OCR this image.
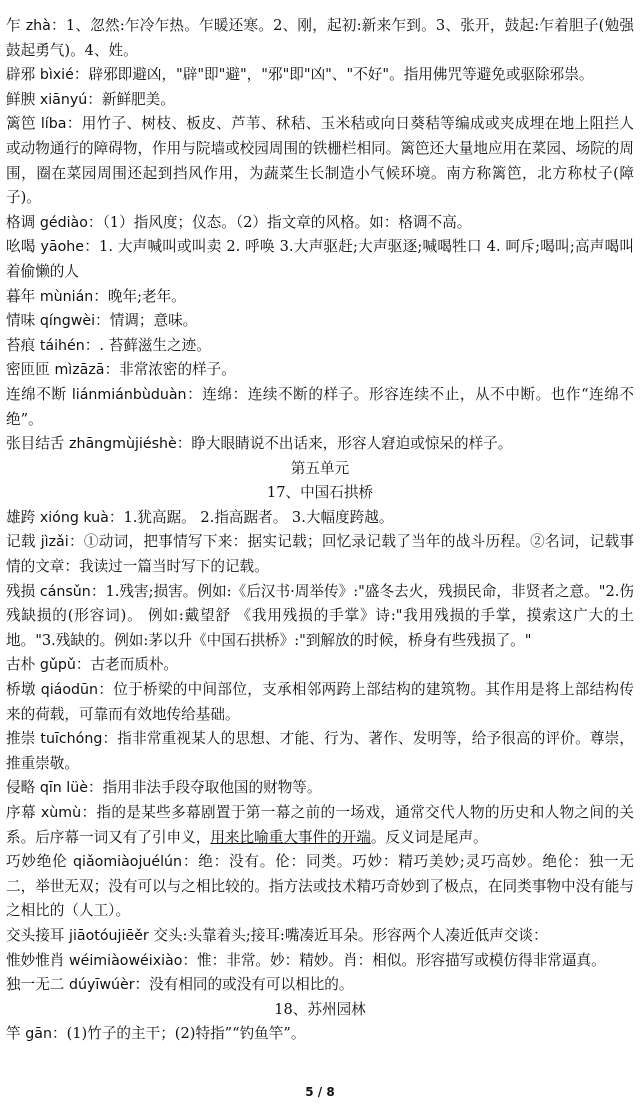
乍 zhà：1、忽然:乍冷乍热。乍暖还寒。2、刚，起初:新来乍到。3、张开，鼓起:乍着胆子(勉强鼓起勇气)。4、姓。

辟邪 bìxié：辟邪即避凶，"辟"即"避"，"邪"即"凶"、"不好"。指用佛咒等避免或驱除邪祟。

鲜腴 xiānyú：新鲜肥美。

篱笆 líba：用竹子、树枝、板皮、芦苇、秫秸、玉米秸或向日葵秸等编成或夹成埋在地上阻拦人或动物通行的障碍物，作用与院墙或校园周围的铁栅栏相同。篱笆还大量地应用在菜园、场院的周围，圈在菜园周围还起到挡风作用，为蔬菜生长制造小气候环境。南方称篱笆，北方称杖子(障子)。

格调 gédiào：（1）指风度；仪态。（2）指文章的风格。如：格调不高。

吆喝 yāohe：1. 大声喊叫或叫卖 2. 呼唤 3.大声驱赶;大声驱逐;喊喝牲口 4. 呵斥;喝叫;高声喝叫着偷懒的人

暮年 mùnián：晚年;老年。

情味 qíngwèi：情调；意味。

苔痕 táihén：. 苔藓滋生之迹。

密匝匝 mìzāzā：非常浓密的样子。

连绵不断 liánmiánbùduàn：连绵：连续不断的样子。形容连续不止，从不中断。也作“连绵不绝”。

张目结舌 zhāngmùjiéshè：睁大眼睛说不出话来，形容人窘迫或惊呆的样子。

第五单元

17、中国石拱桥

雄跨 xióng kuà：1.犹高踞。 2.指高踞者。 3.大幅度跨越。

记载 jìzǎi：①动词，把事情写下来：据实记载；回忆录记载了当年的战斗历程。②名词，记载事情的文章：我读过一篇当时写下的记载。

残损 cánsǔn：1.残害;损害。例如:《后汉书·周举传》:"盛冬去火，残损民命，非贤者之意。"2.伤残缺损的(形容词)。 例如:戴望舒 《我用残损的手掌》诗:"我用残损的手掌，摸索这广大的土地。"3.残缺的。例如:茅以升《中国石拱桥》:"到解放的时候，桥身有些残损了。"

古朴 gǔpǔ：古老而质朴。

桥墩 qiáodūn：位于桥梁的中间部位，支承相邻两跨上部结构的建筑物。其作用是将上部结构传来的荷载，可靠而有效地传给基础。

推崇 tuīchóng：指非常重视某人的思想、才能、行为、著作、发明等，给予很高的评价。尊崇，推重崇敬。

侵略 qīn lüè：指用非法手段夺取他国的财物等。

序幕 xùmù：指的是某些多幕剧置于第一幕之前的一场戏，通常交代人物的历史和人物之间的关系。后序幕一词又有了引申义，用来比喻重大事件的开端。反义词是尾声。

巧妙绝伦 qiǎomiàojuélún：绝：没有。伦：同类。巧妙：精巧美妙;灵巧高妙。绝伦：独一无二，举世无双；没有可以与之相比较的。指方法或技术精巧奇妙到了极点，在同类事物中没有能与之相比的（人工）。

交头接耳 jiāotóujiēěr 交头:头靠着头;接耳:嘴凑近耳朵。形容两个人凑近低声交谈：

惟妙惟肖 wéimiàowéixiào：惟：非常。妙：精妙。肖：相似。形容描写或模仿得非常逼真。

独一无二 dúyīwúèr：没有相同的或没有可以相比的。

18、苏州园林

竿 gān：(1)竹子的主干；(2)特指”“钓鱼竿”。

5 / 8
